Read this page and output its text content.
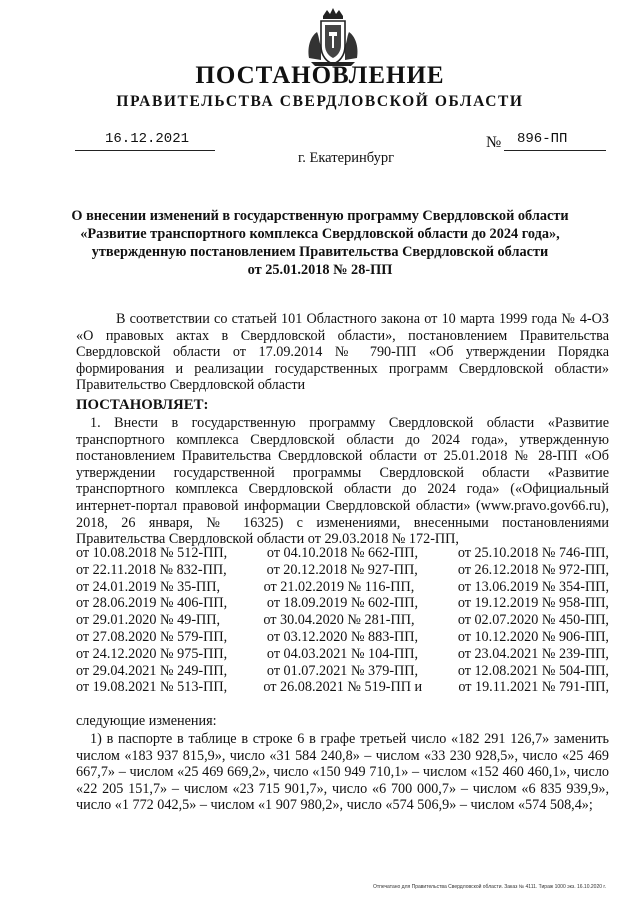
ПОСТАНОВЛЕНИЕ
ПРАВИТЕЛЬСТВА СВЕРДЛОВСКОЙ ОБЛАСТИ
16.12.2021	№ 896-ПП
г. Екатеринбург
О внесении изменений в государственную программу Свердловской области
«Развитие транспортного комплекса Свердловской области до 2024 года»,
утвержденную постановлением Правительства Свердловской области
от 25.01.2018 № 28-ПП
В соответствии со статьей 101 Областного закона от 10 марта 1999 года № 4-ОЗ «О правовых актах в Свердловской области», постановлением Правительства Свердловской области от 17.09.2014 № 790-ПП «Об утверждении Порядка формирования и реализации государственных программ Свердловской области» Правительство Свердловской области
ПОСТАНОВЛЯЕТ:
1. Внести в государственную программу Свердловской области «Развитие транспортного комплекса Свердловской области до 2024 года», утвержденную постановлением Правительства Свердловской области от 25.01.2018 № 28-ПП «Об утверждении государственной программы Свердловской области «Развитие транспортного комплекса Свердловской области до 2024 года» («Официальный интернет-портал правовой информации Свердловской области» (www.pravo.gov66.ru), 2018, 26 января, № 16325) с изменениями, внесенными постановлениями Правительства Свердловской области от 29.03.2018 № 172-ПП,
от 10.08.2018 № 512-ПП,	от 04.10.2018 № 662-ПП,	от 25.10.2018 № 746-ПП,
от 22.11.2018 № 832-ПП,	от 20.12.2018 № 927-ПП,	от 26.12.2018 № 972-ПП,
от 24.01.2019 № 35-ПП,	от 21.02.2019 № 116-ПП,	от 13.06.2019 № 354-ПП,
от 28.06.2019 № 406-ПП,	от 18.09.2019 № 602-ПП,	от 19.12.2019 № 958-ПП,
от 29.01.2020 № 49-ПП,	от 30.04.2020 № 281-ПП,	от 02.07.2020 № 450-ПП,
от 27.08.2020 № 579-ПП,	от 03.12.2020 № 883-ПП,	от 10.12.2020 № 906-ПП,
от 24.12.2020 № 975-ПП,	от 04.03.2021 № 104-ПП,	от 23.04.2021 № 239-ПП,
от 29.04.2021 № 249-ПП,	от 01.07.2021 № 379-ПП,	от 12.08.2021 № 504-ПП,
от 19.08.2021 № 513-ПП,	от 26.08.2021 № 519-ПП и	от 19.11.2021 № 791-ПП,
следующие изменения:
1) в паспорте в таблице в строке 6 в графе третьей число «182 291 126,7» заменить числом «183 937 815,9», число «31 584 240,8» – числом «33 230 928,5», число «25 469 667,7» – числом «25 469 669,2», число «150 949 710,1» – числом «152 460 460,1», число «22 205 151,7» – числом «23 715 901,7», число «6 700 000,7» – числом «6 835 939,9», число «1 772 042,5» – числом «1 907 980,2», число «574 506,9» – числом «574 508,4»;
Отпечатано для Правительства Свердловской области. Заказ № 4111. Тираж 1000 экз. 16.10.2020 г.
